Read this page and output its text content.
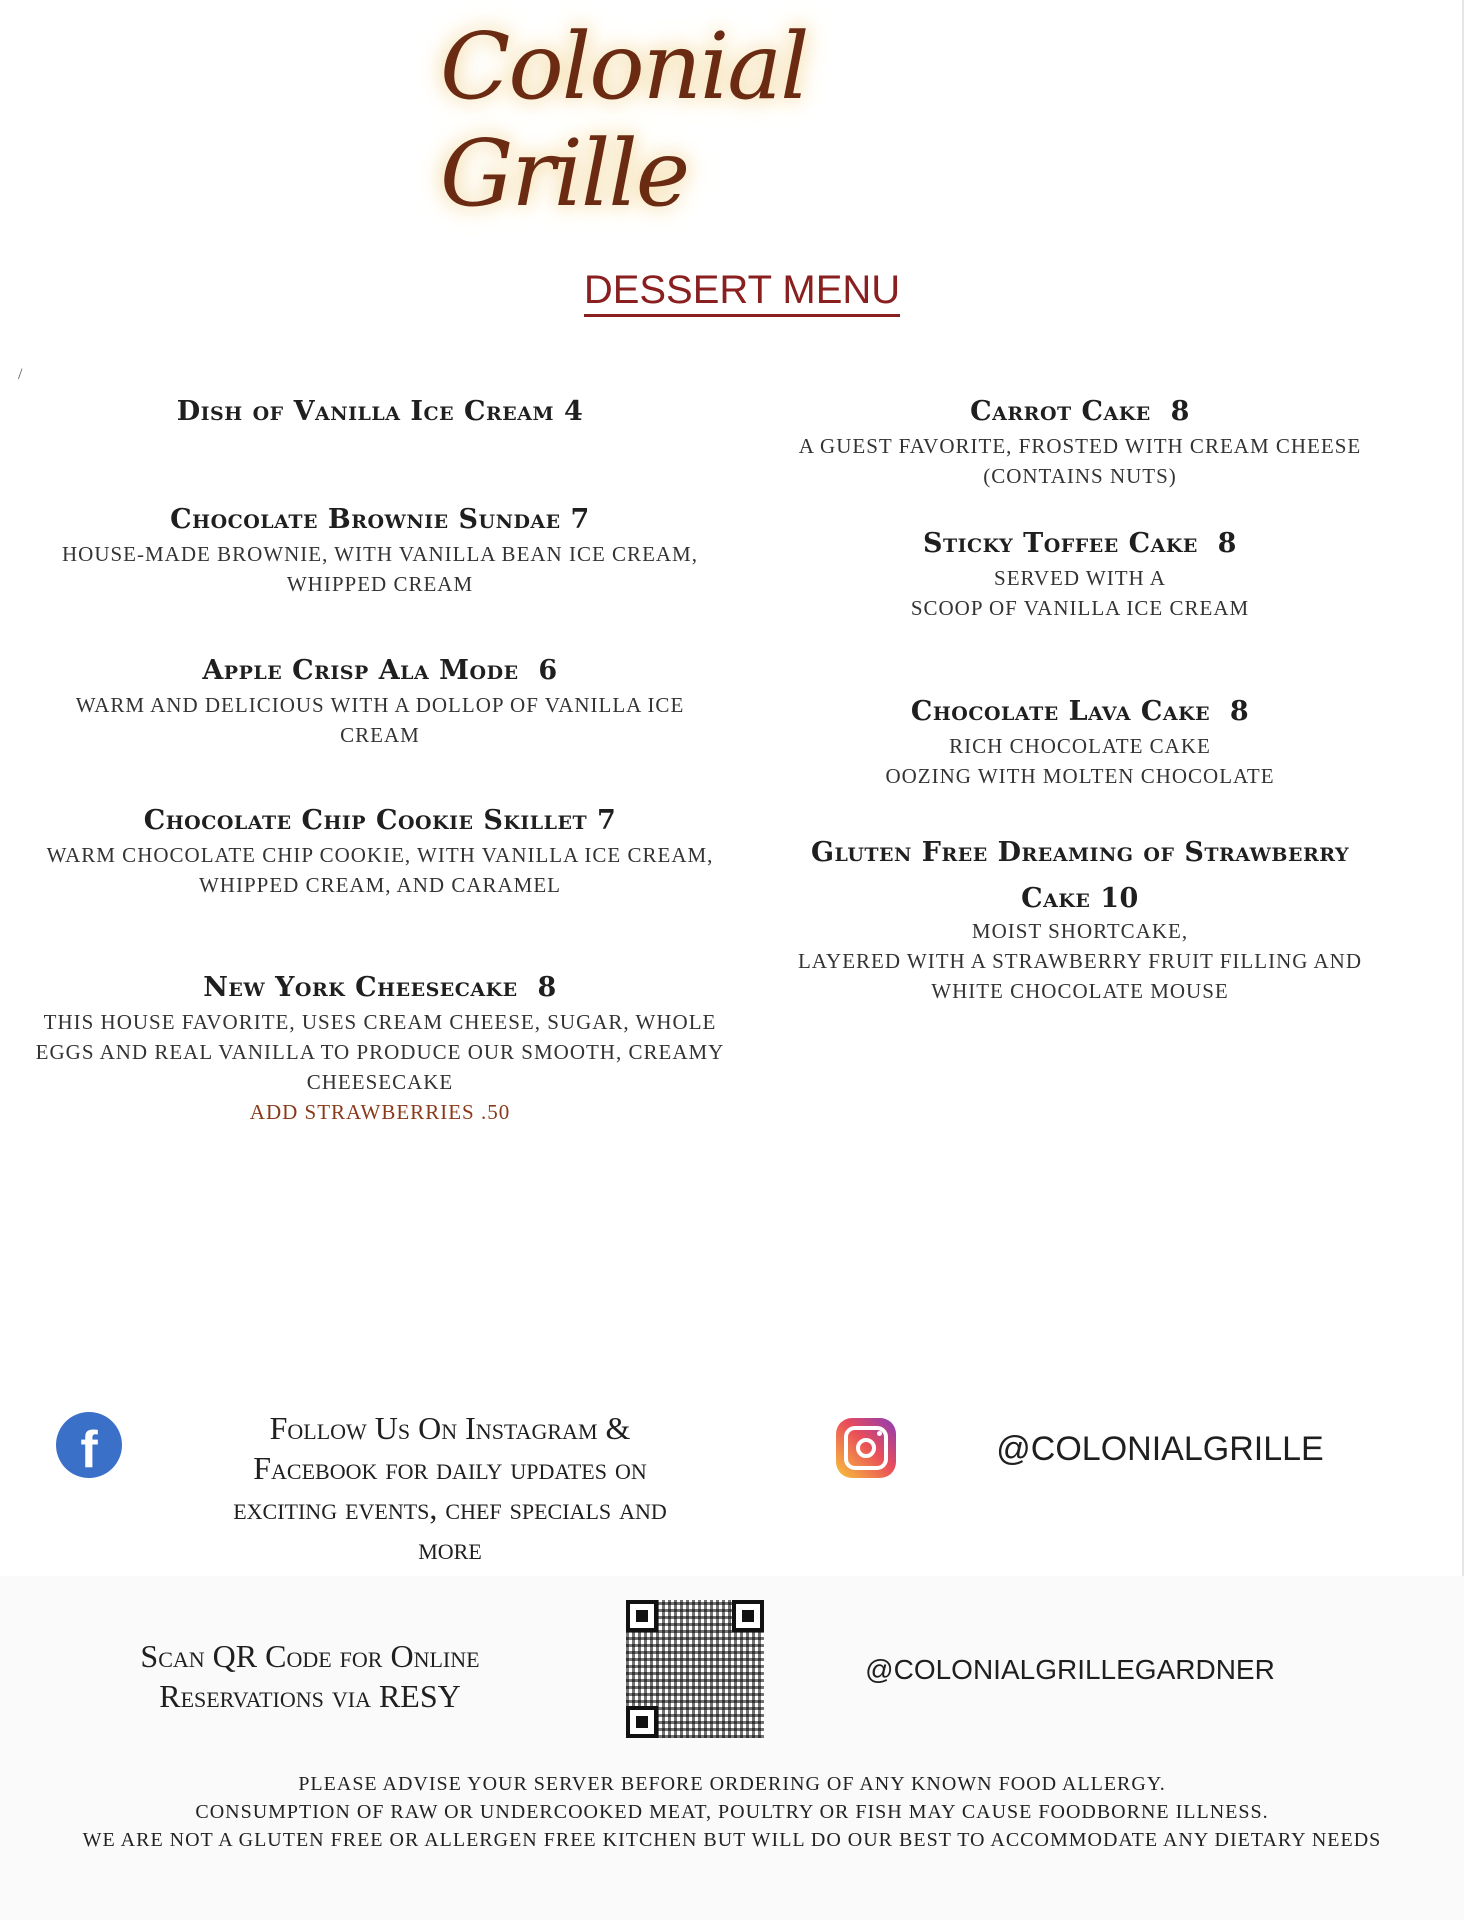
/
Colonial Grille
DESSERT MENU
Dish of Vanilla Ice Cream 4
Chocolate Brownie Sundae 7
HOUSE-MADE BROWNIE, WITH VANILLA BEAN ICE CREAM,
WHIPPED CREAM
Apple Crisp Ala Mode  6
WARM AND DELICIOUS WITH A DOLLOP OF VANILLA ICE
CREAM
Chocolate Chip Cookie Skillet 7
WARM CHOCOLATE CHIP COOKIE, WITH VANILLA ICE CREAM,
WHIPPED CREAM, AND CARAMEL
New York Cheesecake  8
THIS HOUSE FAVORITE, USES CREAM CHEESE, SUGAR, WHOLE
EGGS AND REAL VANILLA TO PRODUCE OUR SMOOTH, CREAMY
CHEESECAKE
ADD STRAWBERRIES .50
Carrot Cake  8
A GUEST FAVORITE, FROSTED WITH CREAM CHEESE
(CONTAINS NUTS)
Sticky Toffee Cake  8
SERVED WITH A
SCOOP OF VANILLA ICE CREAM
Chocolate Lava Cake  8
RICH CHOCOLATE CAKE
OOZING WITH MOLTEN CHOCOLATE
Gluten Free Dreaming of Strawberry
Cake 10
MOIST SHORTCAKE,
LAYERED WITH A STRAWBERRY FRUIT FILLING AND
WHITE CHOCOLATE MOUSE
f	Follow Us On Instagram &
Facebook for daily updates on
exciting events, chef specials and
more
@COLONIALGRILLE
Scan QR Code for Online
Reservations via RESY
@COLONIALGRILLEGARDNER
PLEASE ADVISE YOUR SERVER BEFORE ORDERING OF ANY KNOWN FOOD ALLERGY.
CONSUMPTION OF RAW OR UNDERCOOKED MEAT, POULTRY OR FISH MAY CAUSE FOODBORNE ILLNESS.
WE ARE NOT A GLUTEN FREE OR ALLERGEN FREE KITCHEN BUT WILL DO OUR BEST TO ACCOMMODATE ANY DIETARY NEEDS
